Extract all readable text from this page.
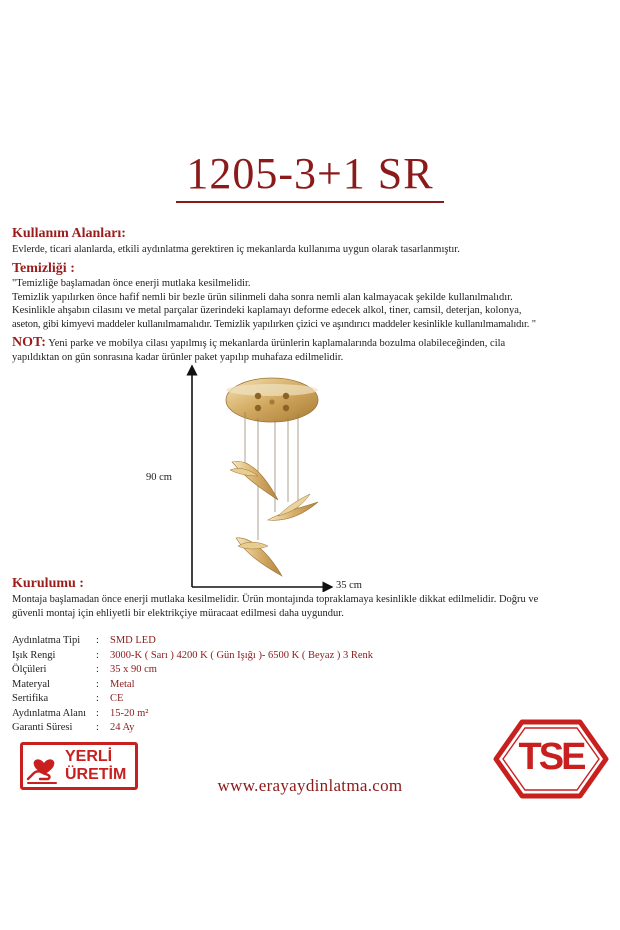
1205-3+1 SR
Kullanım Alanları:
Evlerde, ticari alanlarda, etkili aydınlatma gerektiren iç mekanlarda kullanıma uygun olarak tasarlanmıştır.
Temizliği :
"Temizliğe başlamadan önce enerji mutlaka kesilmelidir.
Temizlik yapılırken önce hafif nemli bir bezle ürün silinmeli daha sonra nemli alan kalmayacak şekilde kullanılmalıdır.
Kesinlikle ahşabın cilasını ve metal parçalar üzerindeki kaplamayı deforme edecek alkol, tiner, camsil, deterjan, kolonya,
aseton, gibi kimyevi maddeler kullanılmamalıdır. Temizlik yapılırken çizici ve aşındırıcı maddeler kesinlikle kullanılmamalıdır. "
NOT: Yeni parke ve mobilya cilası yapılmış iç mekanlarda ürünlerin kaplamalarında bozulma olabileceğinden, cila
yapıldıktan on gün sonrasına kadar ürünler paket yapılıp muhafaza edilmelidir.
90 cm
35 cm
Kurulumu :
Montaja başlamadan önce enerji mutlaka kesilmelidir. Ürün montajında topraklamaya kesinlikle dikkat edilmelidir. Doğru ve
güvenli montaj için ehliyetli bir elektrikçiye müracaat edilmesi daha uygundur.
Aydınlatma Tipi	:	SMD LED
Işık Rengi	:	3000-K ( Sarı ) 4200 K ( Gün Işığı )- 6500 K ( Beyaz ) 3 Renk
Ölçüleri	:	35 x 90 cm
Materyal	:	Metal
Sertifika	:	CE
Aydınlatma Alanı :	15-20 m²
Garanti Süresi	:	24 Ay
YERLİ
ÜRETİM
www.erayaydinlatma.com
TSE
